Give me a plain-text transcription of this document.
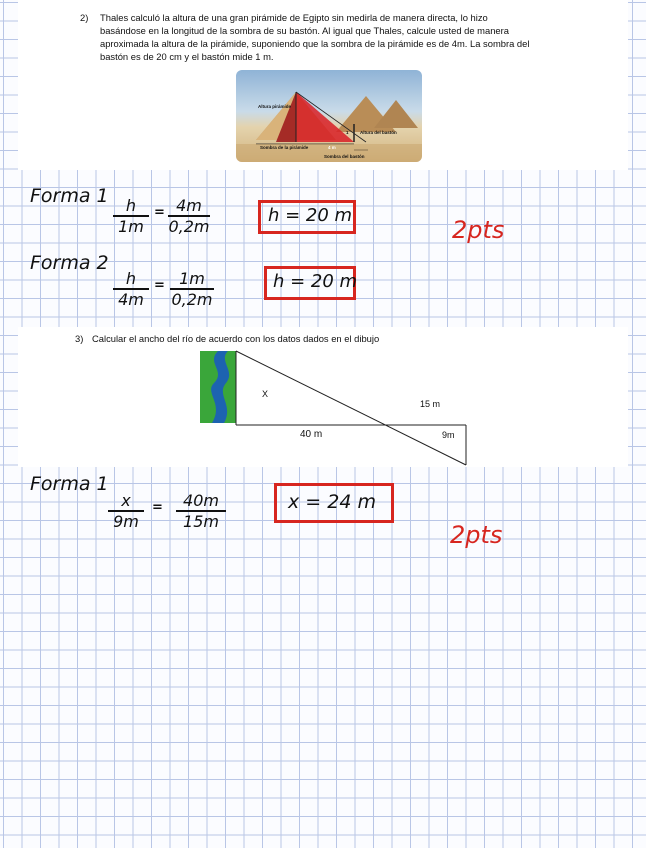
2) Thales calculó la altura de una gran pirámide de Egipto sin medirla de manera directa, lo hizo
basándose en la longitud de la sombra de su bastón. Al igual que Thales, calcule usted de manera
aproximada la altura de la pirámide, suponiendo que la sombra de la pirámide es de 4m. La sombra del
bastón es de 20 cm y el bastón mide 1 m.
Altura pirámide
1	Altura del bastón
Sombra de la pirámide	4 m
Sombra del bastón
Forma 1	h
1m
= 4m
0,2m
h = 20 m
2pts
Forma 2
h
4m
= 1m
0,2m
h = 20 m
3) Calcular el ancho del río de acuerdo con los datos dados en el dibujo
X
15 m
40 m	9m
Forma 1
x
9m
=	40m
15m
x = 24 m
2pts
